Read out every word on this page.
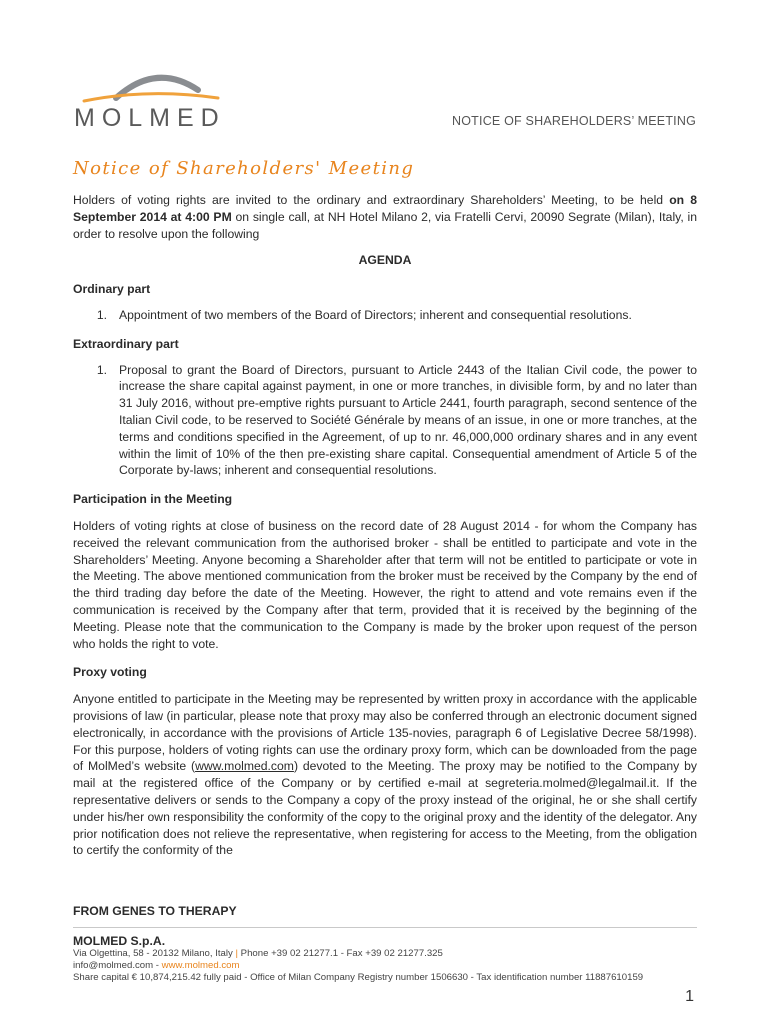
MOLMED	NOTICE OF SHAREHOLDERS’ MEETING
Notice of Shareholders' Meeting

Holders of voting rights are invited to the ordinary and extraordinary Shareholders’ Meeting, to be held on 8 September 2014 at 4:00 PM on single call, at NH Hotel Milano 2, via Fratelli Cervi, 20090 Segrate (Milan), Italy, in order to resolve upon the following

AGENDA

Ordinary part

1. Appointment of two members of the Board of Directors; inherent and consequential resolutions.

Extraordinary part

1. Proposal to grant the Board of Directors, pursuant to Article 2443 of the Italian Civil code, the power to increase the share capital against payment, in one or more tranches, in divisible form, by and no later than 31 July 2016, without pre-emptive rights pursuant to Article 2441, fourth paragraph, second sentence of the Italian Civil code, to be reserved to Société Générale by means of an issue, in one or more tranches, at the terms and conditions specified in the Agreement, of up to nr. 46,000,000 ordinary shares and in any event within the limit of 10% of the then pre-existing share capital. Consequential amendment of Article 5 of the Corporate by-laws; inherent and consequential resolutions.

Participation in the Meeting

Holders of voting rights at close of business on the record date of 28 August 2014 - for whom the Company has received the relevant communication from the authorised broker - shall be entitled to participate and vote in the Shareholders’ Meeting. Anyone becoming a Shareholder after that term will not be entitled to participate or vote in the Meeting. The above mentioned communication from the broker must be received by the Company by the end of the third trading day before the date of the Meeting. However, the right to attend and vote remains even if the communication is received by the Company after that term, provided that it is received by the beginning of the Meeting. Please note that the communication to the Company is made by the broker upon request of the person who holds the right to vote.

Proxy voting

Anyone entitled to participate in the Meeting may be represented by written proxy in accordance with the applicable provisions of law (in particular, please note that proxy may also be conferred through an electronic document signed electronically, in accordance with the provisions of Article 135-novies, paragraph 6 of Legislative Decree 58/1998). For this purpose, holders of voting rights can use the ordinary proxy form, which can be downloaded from the page of MolMed’s website (www.molmed.com) devoted to the Meeting. The proxy may be notified to the Company by mail at the registered office of the Company or by certified e-mail at segreteria.molmed@legalmail.it. If the representative delivers or sends to the Company a copy of the proxy instead of the original, he or she shall certify under his/her own responsibility the conformity of the copy to the original proxy and the identity of the delegator. Any prior notification does not relieve the representative, when registering for access to the Meeting, from the obligation to certify the conformity of the

FROM GENES TO THERAPY
MOLMED S.p.A.
Via Olgettina, 58 - 20132 Milano, Italy | Phone +39 02 21277.1 - Fax +39 02 21277.325
info@molmed.com - www.molmed.com
Share capital € 10,874,215.42 fully paid - Office of Milan Company Registry number 1506630 - Tax identification number 11887610159
1
